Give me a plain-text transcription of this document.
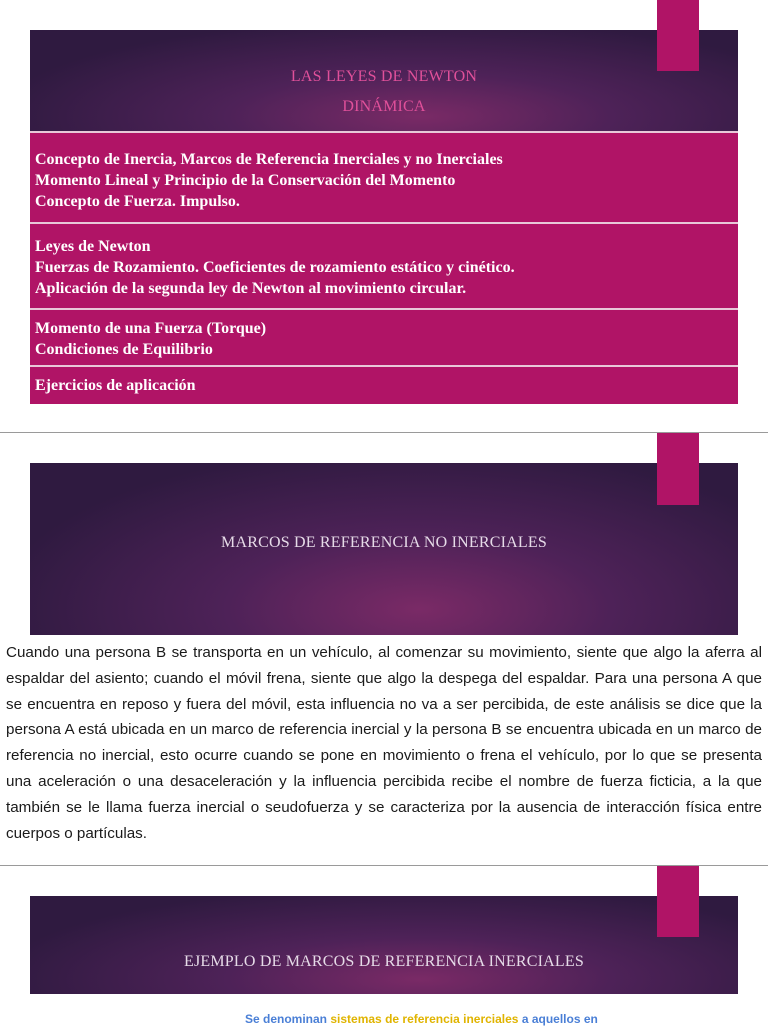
LAS LEYES DE NEWTON
DINÁMICA
Concepto de Inercia, Marcos de Referencia Inerciales y no Inerciales
Momento Lineal y Principio de la Conservación del Momento
Concepto de Fuerza. Impulso.
Leyes de Newton
Fuerzas de Rozamiento. Coeficientes de rozamiento estático y cinético.
Aplicación de la segunda ley de Newton al movimiento circular.
Momento de una Fuerza (Torque)
Condiciones de Equilibrio
Ejercicios de aplicación
MARCOS DE REFERENCIA NO INERCIALES
Cuando una persona B se transporta en un vehículo, al comenzar su movimiento, siente que algo la aferra al espaldar del asiento; cuando el móvil frena, siente que algo la despega del espaldar. Para una persona A que se encuentra en reposo y fuera del móvil, esta influencia no va a ser percibida, de este análisis se dice que la persona A está ubicada en un marco de referencia inercial y la persona B se encuentra ubicada en un marco de referencia no inercial, esto ocurre cuando se pone en movimiento o frena el vehículo, por lo que se presenta una aceleración o una desaceleración y la influencia percibida recibe el nombre de fuerza ficticia, a la que también se le llama fuerza inercial o seudofuerza y se caracteriza por la ausencia de interacción física entre cuerpos o partículas.
EJEMPLO DE MARCOS DE REFERENCIA INERCIALES
Se denominan sistemas de referencia inerciales a aquellos en
